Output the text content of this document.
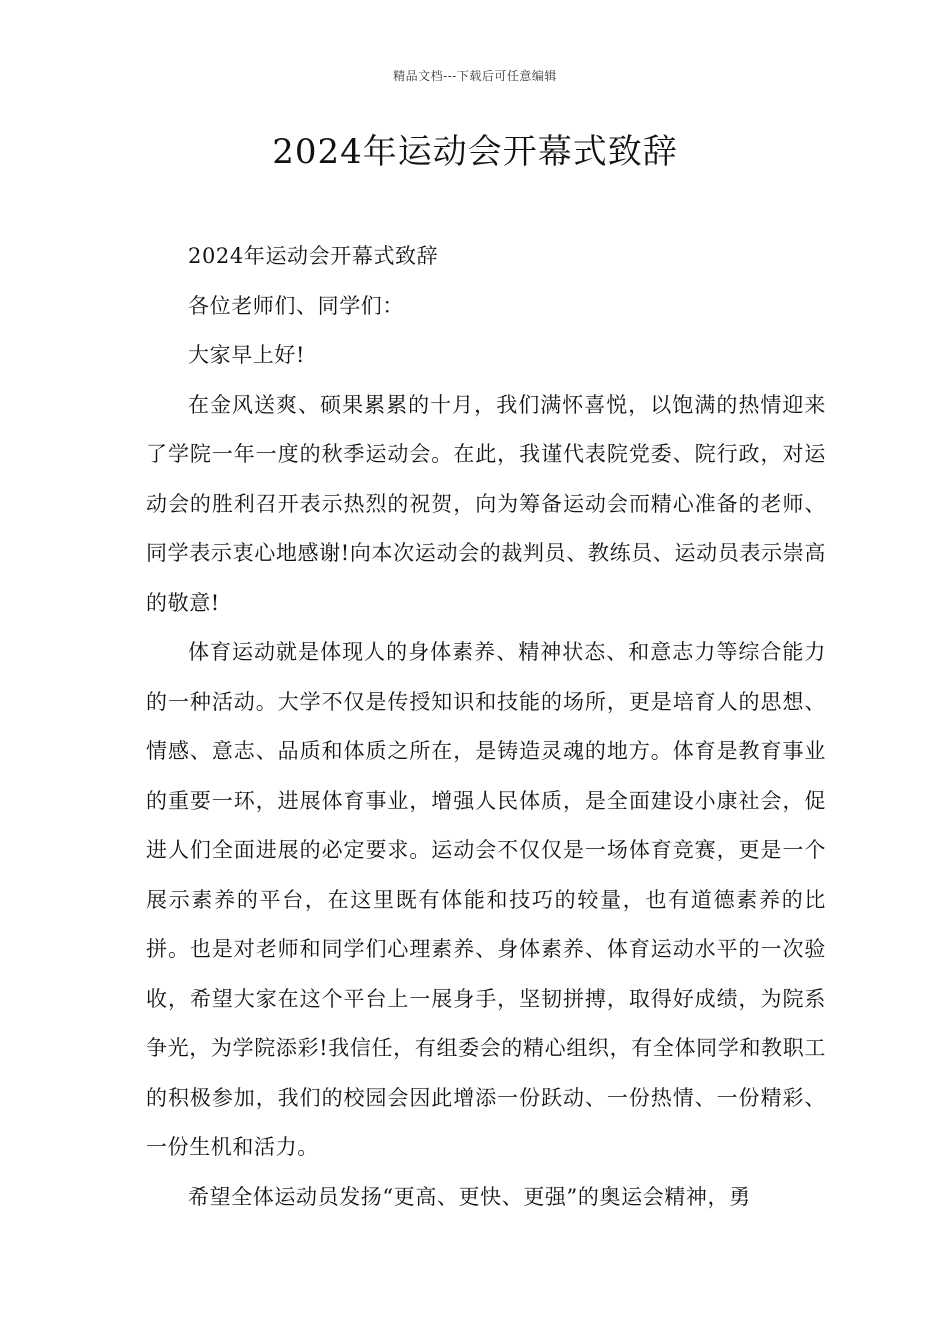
精品文档---下载后可任意编辑
2024年运动会开幕式致辞

2024年运动会开幕式致辞

各位老师们、同学们：

大家早上好!

在金风送爽、硕果累累的十月，我们满怀喜悦，以饱满的热情迎来了学院一年一度的秋季运动会。在此，我谨代表院党委、院行政，对运动会的胜利召开表示热烈的祝贺，向为筹备运动会而精心准备的老师、同学表示衷心地感谢!向本次运动会的裁判员、教练员、运动员表示崇高的敬意!

体育运动就是体现人的身体素养、精神状态、和意志力等综合能力的一种活动。大学不仅是传授知识和技能的场所，更是培育人的思想、情感、意志、品质和体质之所在，是铸造灵魂的地方。体育是教育事业的重要一环，进展体育事业，增强人民体质，是全面建设小康社会，促进人们全面进展的必定要求。运动会不仅仅是一场体育竞赛，更是一个展示素养的平台，在这里既有体能和技巧的较量，也有道德素养的比拼。也是对老师和同学们心理素养、身体素养、体育运动水平的一次验收，希望大家在这个平台上一展身手，坚韧拼搏，取得好成绩，为院系争光，为学院添彩!我信任，有组委会的精心组织，有全体同学和教职工的积极参加，我们的校园会因此增添一份跃动、一份热情、一份精彩、一份生机和活力。

希望全体运动员发扬“更高、更快、更强”的奥运会精神，勇
